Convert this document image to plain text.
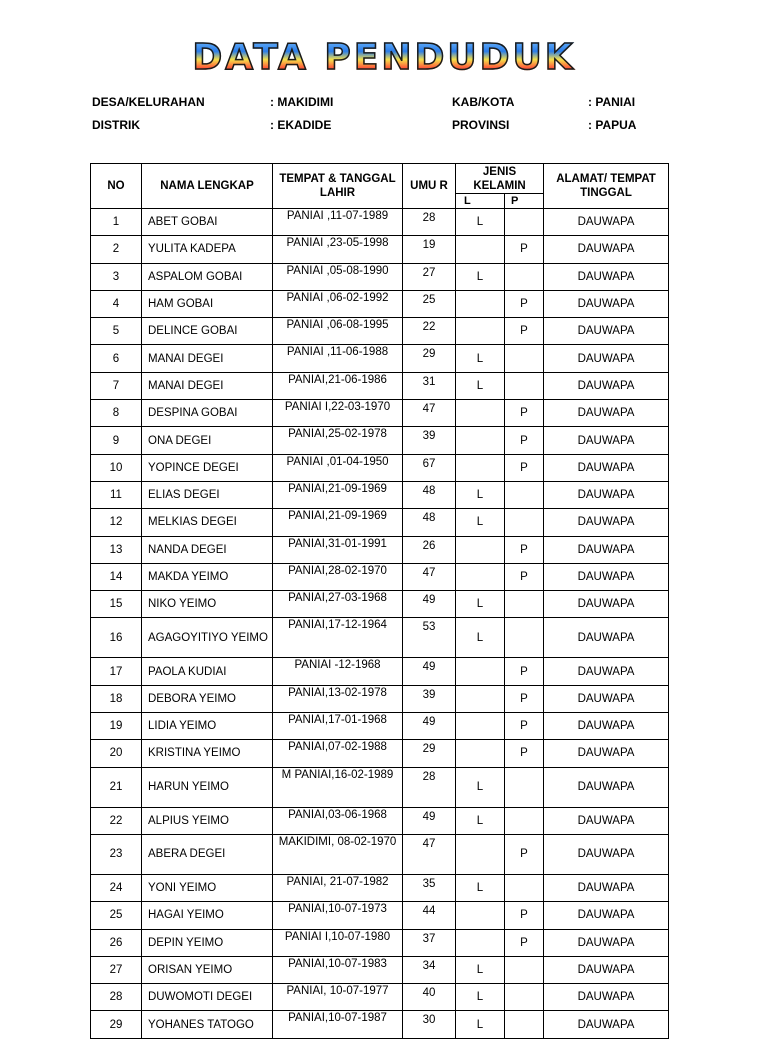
DATA PENDUDUK
DESA/KELURAHAN	: MAKIDIMI	KAB/KOTA	: PANIAI
DISTRIK	: EKADIDE	PROVINSI	: PAPUA
NO	NAMA LENGKAP	TEMPAT & TANGGAL LAHIR	UMU R	JENIS KELAMIN		ALAMAT/ TEMPAT TINGGAL
				L	P	
1	ABET GOBAI	PANIAI ,11-07-1989	28	L		DAUWAPA
2	YULITA KADEPA	PANIAI ,23-05-1998	19		P	DAUWAPA
3	ASPALOM GOBAI	PANIAI ,05-08-1990	27	L		DAUWAPA
4	HAM GOBAI	PANIAI ,06-02-1992	25		P	DAUWAPA
5	DELINCE GOBAI	PANIAI ,06-08-1995	22		P	DAUWAPA
6	MANAI DEGEI	PANIAI ,11-06-1988	29	L		DAUWAPA
7	MANAI DEGEI	PANIAI,21-06-1986	31	L		DAUWAPA
8	DESPINA GOBAI	PANIAI I,22-03-1970	47		P	DAUWAPA
9	ONA DEGEI	PANIAI,25-02-1978	39		P	DAUWAPA
10	YOPINCE DEGEI	PANIAI ,01-04-1950	67		P	DAUWAPA
11	ELIAS DEGEI	PANIAI,21-09-1969	48	L		DAUWAPA
12	MELKIAS DEGEI	PANIAI,21-09-1969	48	L		DAUWAPA
13	NANDA DEGEI	PANIAI,31-01-1991	26		P	DAUWAPA
14	MAKDA YEIMO	PANIAI,28-02-1970	47		P	DAUWAPA
15	NIKO YEIMO	PANIAI,27-03-1968	49	L		DAUWAPA
16	AGAGOYITIYO YEIMO	PANIAI,17-12-1964	53	L		DAUWAPA
17	PAOLA KUDIAI	PANIAI -12-1968	49		P	DAUWAPA
18	DEBORA YEIMO	PANIAI,13-02-1978	39		P	DAUWAPA
19	LIDIA YEIMO	PANIAI,17-01-1968	49		P	DAUWAPA
20	KRISTINA YEIMO	PANIAI,07-02-1988	29		P	DAUWAPA
21	HARUN YEIMO	M PANIAI,16-02-1989	28	L		DAUWAPA
22	ALPIUS YEIMO	PANIAI,03-06-1968	49	L		DAUWAPA
23	ABERA DEGEI	MAKIDIMI, 08-02-1970	47		P	DAUWAPA
24	YONI YEIMO	PANIAI, 21-07-1982	35	L		DAUWAPA
25	HAGAI YEIMO	PANIAI,10-07-1973	44		P	DAUWAPA
26	DEPIN YEIMO	PANIAI I,10-07-1980	37		P	DAUWAPA
27	ORISAN YEIMO	PANIAI,10-07-1983	34	L		DAUWAPA
28	DUWOMOTI DEGEI	PANIAI, 10-07-1977	40	L		DAUWAPA
29	YOHANES TATOGO	PANIAI,10-07-1987	30	L		DAUWAPA
